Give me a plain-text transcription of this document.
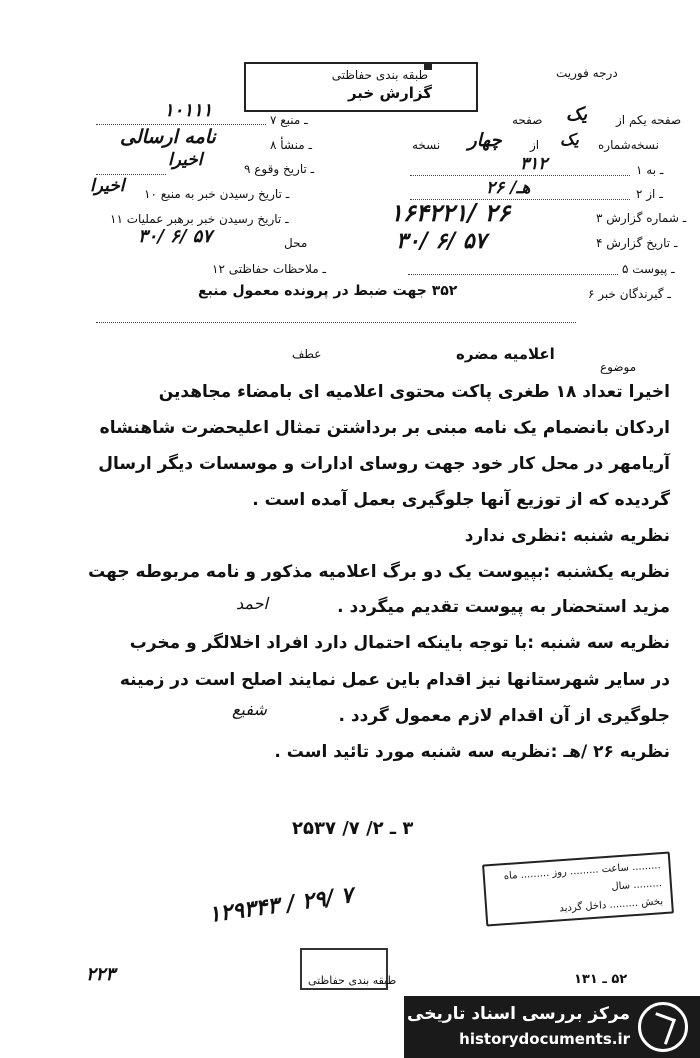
درجه فوریت
طبقه بندی حفاظتی
گزارش خبر
صفحه یکم از
یک
صفحه
نسخه‌شماره
یک
از
چهار
نسخه
۱ ـ به
۳۱۲
۲ ـ از
۲۶ /هـ
۳ ـ شماره گزارش
۱۶۴۲۲۱/ ۲۶
۴ ـ تاریخ گزارش
۳۰/ ۶/ ۵۷
۵ ـ پیوست
۶ ـ گیرندگان خبر
۳۵۲ جهت ضبط در پرونده معمول منبع
۷ ـ منبع
۱۰۱۱۱
۸ ـ منشأ
نامه ارسالی
۹ ـ تاریخ وقوع
اخیرا
۱۰ ـ تاریخ رسیدن خبر به منبع
اخیرا
۱۱ ـ تاریخ رسیدن خبر برهبر عملیات
محل
۳۰/ ۶/ ۵۷
۱۲ ـ ملاحظات حفاظتی
عطف	اعلامیه مضره
موضوع
اخیرا تعداد ۱۸ طغری پاکت محتوی اعلامیه ای بامضاء مجاهدین
اردکان بانضمام یک نامه مبنی بر برداشتن تمثال اعلیحضرت شاهنشاه
آریامهر در محل کار خود جهت روسای ادارات و موسسات دیگر ارسال
گردیده که از توزیع آنها جلوگیری بعمل آمده است .
نظریه شنبه :نظری ندارد
نظریه یکشنبه :بپیوست یک دو برگ اعلامیه مذکور و نامه مربوطه جهت
مزید استحضار به پیوست تقدیم میگردد .
احمد
نظریه سه شنبه :با توجه باینکه احتمال دارد افراد اخلالگر و مخرب
در سایر شهرستانها نیز اقدام باین عمل نمایند اصلح است در زمینه
جلوگیری از آن اقدام لازم معمول گردد .
شفیع
نظریه ۲۶ /هـ :نظریه سه شنبه مورد تائید است .
۳ ـ ۲/ ۷/ ۲۵۳۷
ساعت ......... روز ......... ماه .........
سال .........
بخش ......... داخل گردید
۱۲۹۳۴۳ / ۲۹/ ۷
طبقه بندی حفاظتی
۲۲۳	۵۲ ـ ۱۳۱
مرکز بررسی اسناد تاریخی
historydocuments.ir
